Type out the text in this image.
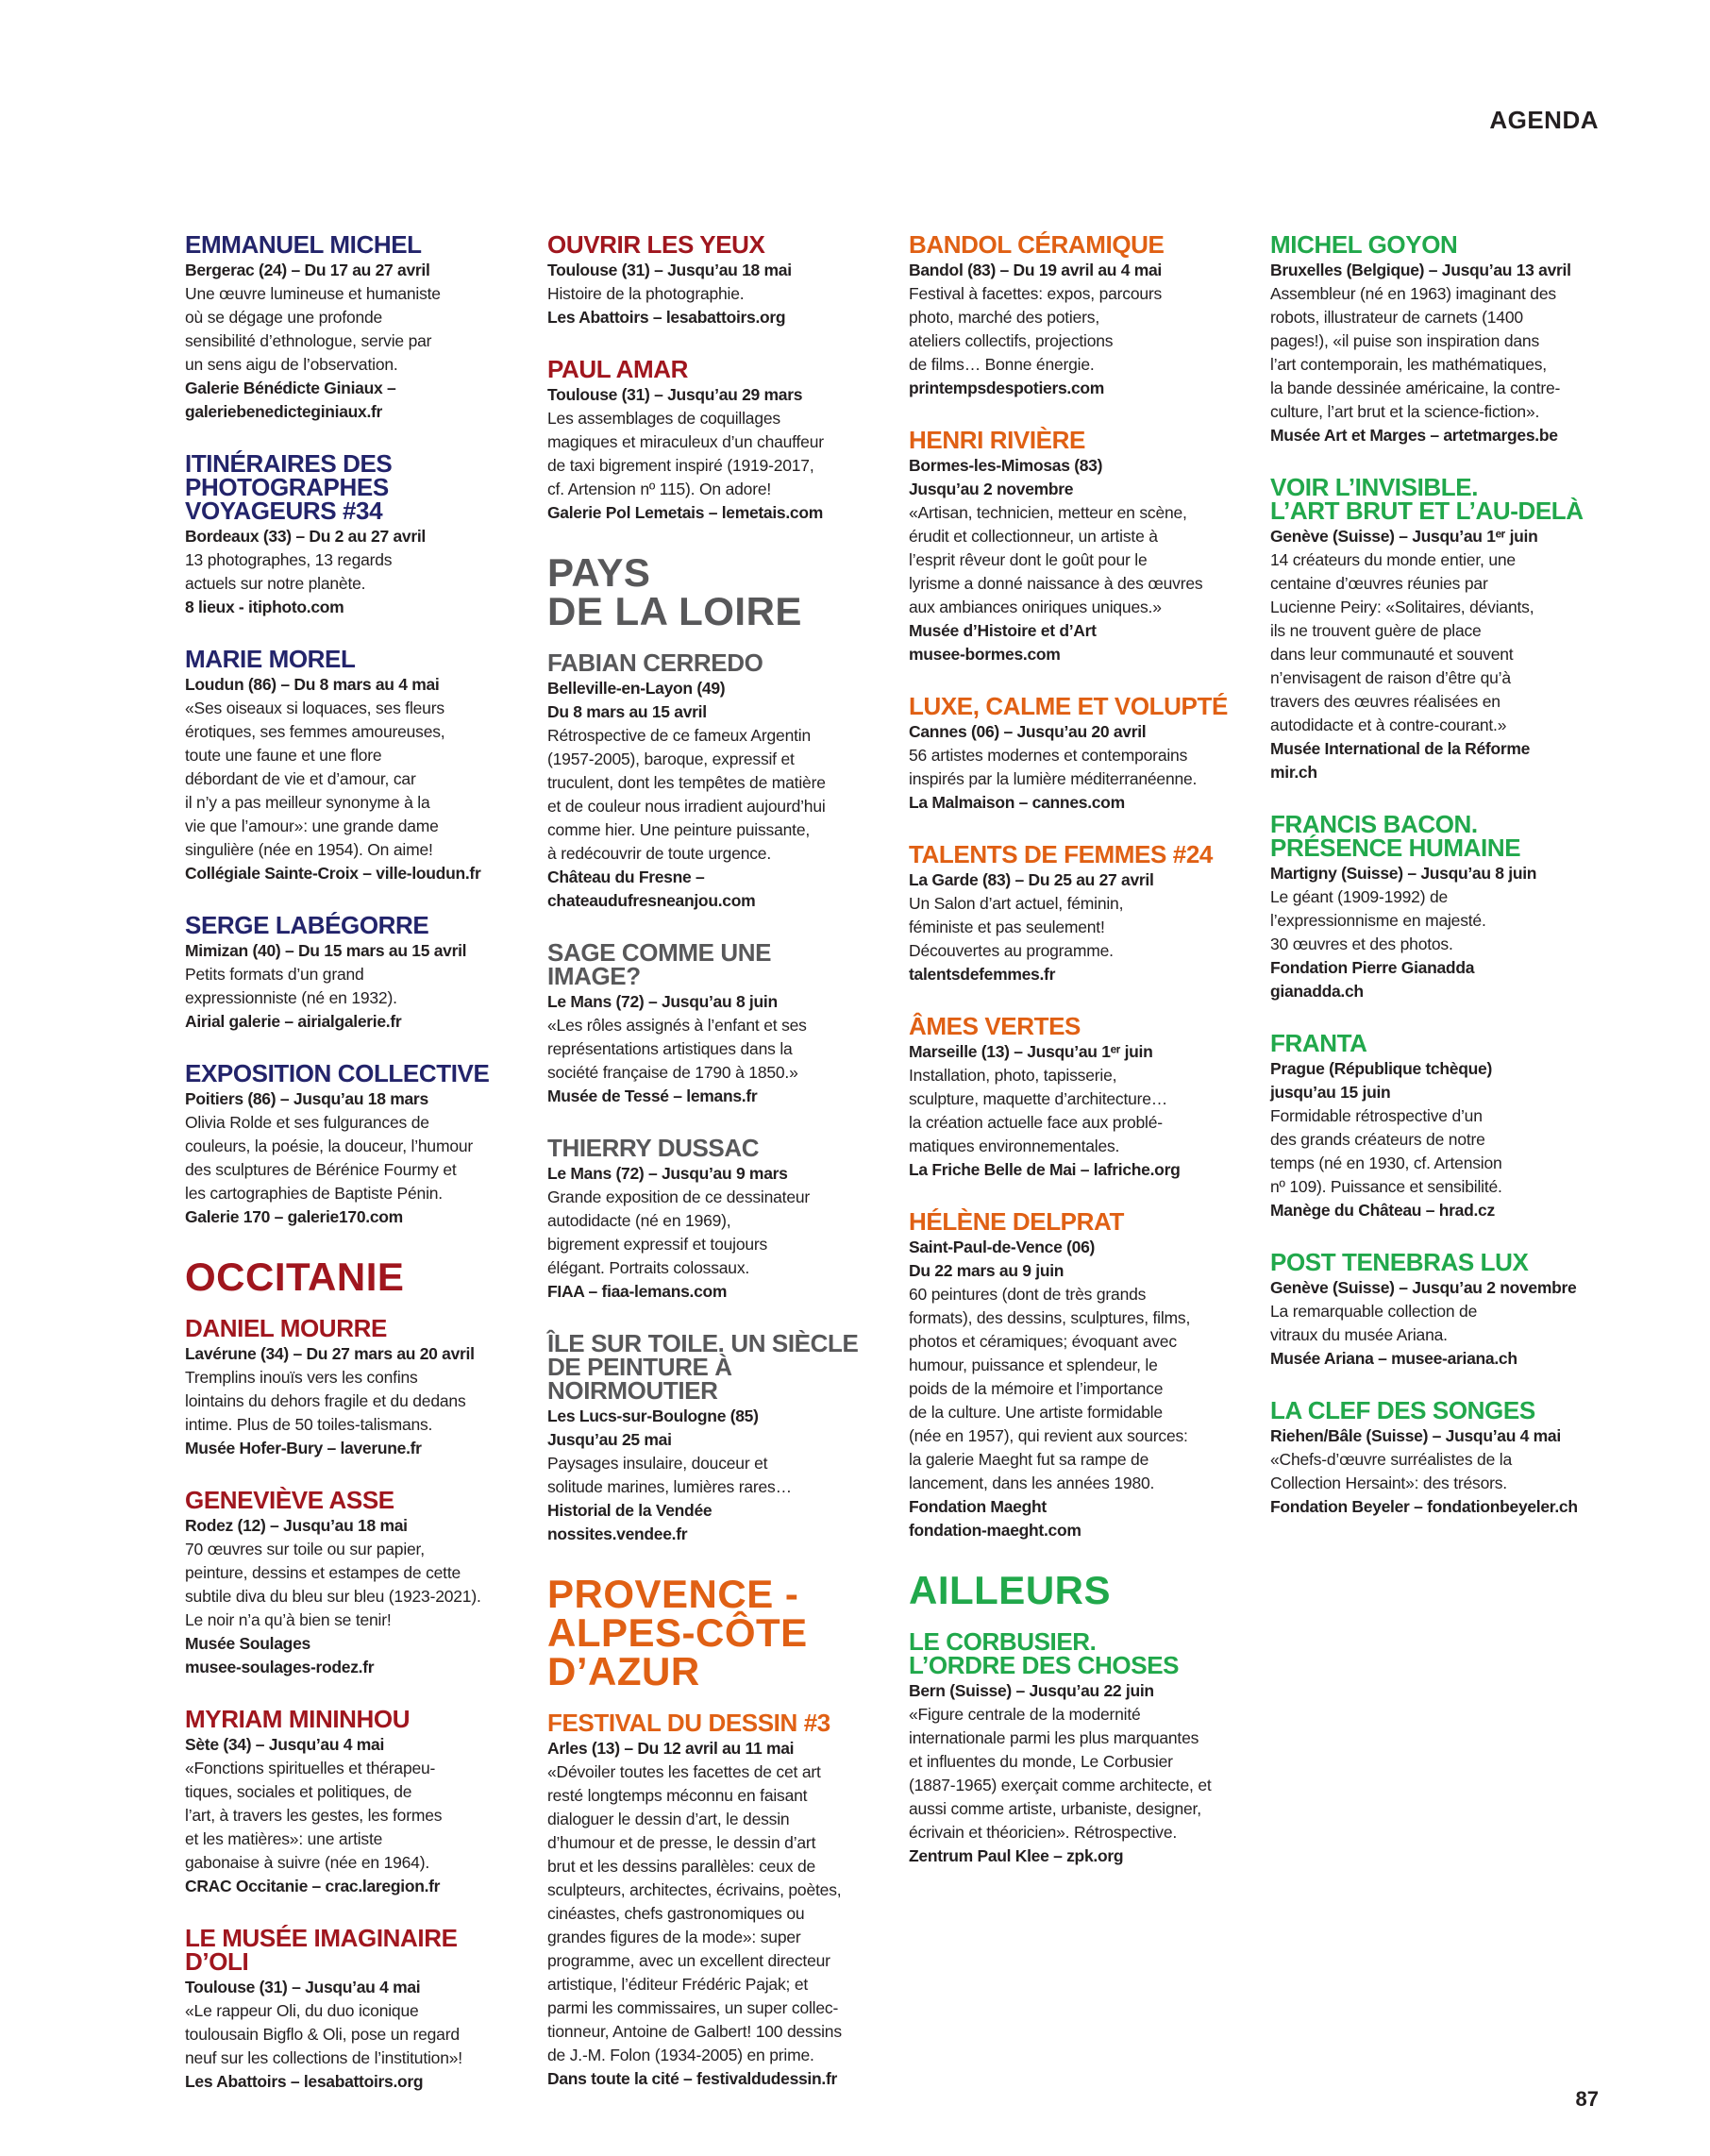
AGENDA
EMMANUEL MICHEL
Bergerac (24) – Du 17 au 27 avril
Une œuvre lumineuse et humaniste
où se dégage une profonde
sensibilité d’ethnologue, servie par
un sens aigu de l’observation.
Galerie Bénédicte Giniaux –
galeriebenedicteginiaux.fr
ITINÉRAIRES DES
PHOTOGRAPHES
VOYAGEURS #34
Bordeaux (33) – Du 2 au 27 avril
13 photographes, 13 regards
actuels sur notre planète.
8 lieux - itiphoto.com
MARIE MOREL
Loudun (86) – Du 8 mars au 4 mai
«Ses oiseaux si loquaces, ses fleurs
érotiques, ses femmes amoureuses,
toute une faune et une flore
débordant de vie et d’amour, car
il n’y a pas meilleur synonyme à la
vie que l’amour»: une grande dame
singulière (née en 1954). On aime!
Collégiale Sainte-Croix – ville-loudun.fr
SERGE LABÉGORRE
Mimizan (40) – Du 15 mars au 15 avril
Petits formats d’un grand
expressionniste (né en 1932).
Airial galerie – airialgalerie.fr
EXPOSITION COLLECTIVE
Poitiers (86) – Jusqu’au 18 mars
Olivia Rolde et ses fulgurances de
couleurs, la poésie, la douceur, l’humour
des sculptures de Bérénice Fourmy et
les cartographies de Baptiste Pénin.
Galerie 170 – galerie170.com
OCCITANIE
DANIEL MOURRE
Lavérune (34) – Du 27 mars au 20 avril
Tremplins inouïs vers les confins
lointains du dehors fragile et du dedans
intime. Plus de 50 toiles-talismans.
Musée Hofer-Bury – laverune.fr
GENEVIÈVE ASSE
Rodez (12) – Jusqu’au 18 mai
70 œuvres sur toile ou sur papier,
peinture, dessins et estampes de cette
subtile diva du bleu sur bleu (1923-2021).
Le noir n’a qu’à bien se tenir!
Musée Soulages
musee-soulages-rodez.fr
MYRIAM MININHOU
Sète (34) – Jusqu’au 4 mai
«Fonctions spirituelles et thérapeu-
tiques, sociales et politiques, de
l’art, à travers les gestes, les formes
et les matières»: une artiste
gabonaise à suivre (née en 1964).
CRAC Occitanie – crac.laregion.fr
LE MUSÉE IMAGINAIRE D’OLI
Toulouse (31) – Jusqu’au 4 mai
«Le rappeur Oli, du duo iconique
toulousain Bigflo & Oli, pose un regard
neuf sur les collections de l’institution»!
Les Abattoirs – lesabattoirs.org
OUVRIR LES YEUX
Toulouse (31) – Jusqu’au 18 mai
Histoire de la photographie.
Les Abattoirs – lesabattoirs.org
PAUL AMAR
Toulouse (31) – Jusqu’au 29 mars
Les assemblages de coquillages
magiques et miraculeux d’un chauffeur
de taxi bigrement inspiré (1919-2017,
cf. Artension nº 115). On adore!
Galerie Pol Lemetais – lemetais.com
PAYS
DE LA LOIRE
FABIAN CERREDO
Belleville-en-Layon (49)
Du 8 mars au 15 avril
Rétrospective de ce fameux Argentin
(1957-2005), baroque, expressif et
truculent, dont les tempêtes de matière
et de couleur nous irradient aujourd’hui
comme hier. Une peinture puissante,
à redécouvrir de toute urgence.
Château du Fresne –
chateaudufresneanjou.com
SAGE COMME UNE IMAGE?
Le Mans (72) – Jusqu’au 8 juin
«Les rôles assignés à l’enfant et ses
représentations artistiques dans la
société française de 1790 à 1850.»
Musée de Tessé – lemans.fr
THIERRY DUSSAC
Le Mans (72) – Jusqu’au 9 mars
Grande exposition de ce dessinateur
autodidacte (né en 1969),
bigrement expressif et toujours
élégant. Portraits colossaux.
FIAA – fiaa-lemans.com
ÎLE SUR TOILE. UN SIÈCLE
DE PEINTURE À NOIRMOUTIER
Les Lucs-sur-Boulogne (85)
Jusqu’au 25 mai
Paysages insulaire, douceur et
solitude marines, lumières rares…
Historial de la Vendée
nossites.vendee.fr
PROVENCE -
ALPES-CÔTE
D’AZUR
FESTIVAL DU DESSIN #3
Arles (13) – Du 12 avril au 11 mai
«Dévoiler toutes les facettes de cet art
resté longtemps méconnu en faisant
dialoguer le dessin d’art, le dessin
d’humour et de presse, le dessin d’art
brut et les dessins parallèles: ceux de
sculpteurs, architectes, écrivains, poètes,
cinéastes, chefs gastronomiques ou
grandes figures de la mode»: super
programme, avec un excellent directeur
artistique, l’éditeur Frédéric Pajak; et
parmi les commissaires, un super collec-
tionneur, Antoine de Galbert! 100 dessins
de J.-M. Folon (1934-2005) en prime.
Dans toute la cité – festivaldudessin.fr
BANDOL CÉRAMIQUE
Bandol (83) – Du 19 avril au 4 mai
Festival à facettes: expos, parcours
photo, marché des potiers,
ateliers collectifs, projections
de films… Bonne énergie.
printempsdespotiers.com
HENRI RIVIÈRE
Bormes-les-Mimosas (83)
Jusqu’au 2 novembre
«Artisan, technicien, metteur en scène,
érudit et collectionneur, un artiste à
l’esprit rêveur dont le goût pour le
lyrisme a donné naissance à des œuvres
aux ambiances oniriques uniques.»
Musée d’Histoire et d’Art
musee-bormes.com
LUXE, CALME ET VOLUPTÉ
Cannes (06) – Jusqu’au 20 avril
56 artistes modernes et contemporains
inspirés par la lumière méditerranéenne.
La Malmaison – cannes.com
TALENTS DE FEMMES #24
La Garde (83) – Du 25 au 27 avril
Un Salon d’art actuel, féminin,
féministe et pas seulement!
Découvertes au programme.
talentsdefemmes.fr
ÂMES VERTES
Marseille (13) – Jusqu’au 1ᵉʳ juin
Installation, photo, tapisserie,
sculpture, maquette d’architecture…
la création actuelle face aux problé-
matiques environnementales.
La Friche Belle de Mai – lafriche.org
HÉLÈNE DELPRAT
Saint-Paul-de-Vence (06)
Du 22 mars au 9 juin
60 peintures (dont de très grands
formats), des dessins, sculptures, films,
photos et céramiques; évoquant avec
humour, puissance et splendeur, le
poids de la mémoire et l’importance
de la culture. Une artiste formidable
(née en 1957), qui revient aux sources:
la galerie Maeght fut sa rampe de
lancement, dans les années 1980.
Fondation Maeght
fondation-maeght.com
AILLEURS
LE CORBUSIER.
L’ORDRE DES CHOSES
Bern (Suisse) – Jusqu’au 22 juin
«Figure centrale de la modernité
internationale parmi les plus marquantes
et influentes du monde, Le Corbusier
(1887-1965) exerçait comme architecte, et
aussi comme artiste, urbaniste, designer,
écrivain et théoricien». Rétrospective.
Zentrum Paul Klee – zpk.org
MICHEL GOYON
Bruxelles (Belgique) – Jusqu’au 13 avril
Assembleur (né en 1963) imaginant des
robots, illustrateur de carnets (1400
pages!), «il puise son inspiration dans
l’art contemporain, les mathématiques,
la bande dessinée américaine, la contre-
culture, l’art brut et la science-fiction».
Musée Art et Marges – artetmarges.be
VOIR L’INVISIBLE.
L’ART BRUT ET L’AU-DELÀ
Genève (Suisse) – Jusqu’au 1ᵉʳ juin
14 créateurs du monde entier, une
centaine d’œuvres réunies par
Lucienne Peiry: «Solitaires, déviants,
ils ne trouvent guère de place
dans leur communauté et souvent
n’envisagent de raison d’être qu’à
travers des œuvres réalisées en
autodidacte et à contre-courant.»
Musée International de la Réforme
mir.ch
FRANCIS BACON.
PRÉSENCE HUMAINE
Martigny (Suisse) – Jusqu’au 8 juin
Le géant (1909-1992) de
l’expressionnisme en majesté.
30 œuvres et des photos.
Fondation Pierre Gianadda
gianadda.ch
FRANTA
Prague (République tchèque)
jusqu’au 15 juin
Formidable rétrospective d’un
des grands créateurs de notre
temps (né en 1930, cf. Artension
nº 109). Puissance et sensibilité.
Manège du Château – hrad.cz
POST TENEBRAS LUX
Genève (Suisse) – Jusqu’au 2 novembre
La remarquable collection de
vitraux du musée Ariana.
Musée Ariana – musee-ariana.ch
LA CLEF DES SONGES
Riehen/Bâle (Suisse) – Jusqu’au 4 mai
«Chefs-d’œuvre surréalistes de la
Collection Hersaint»: des trésors.
Fondation Beyeler – fondationbeyeler.ch
87
